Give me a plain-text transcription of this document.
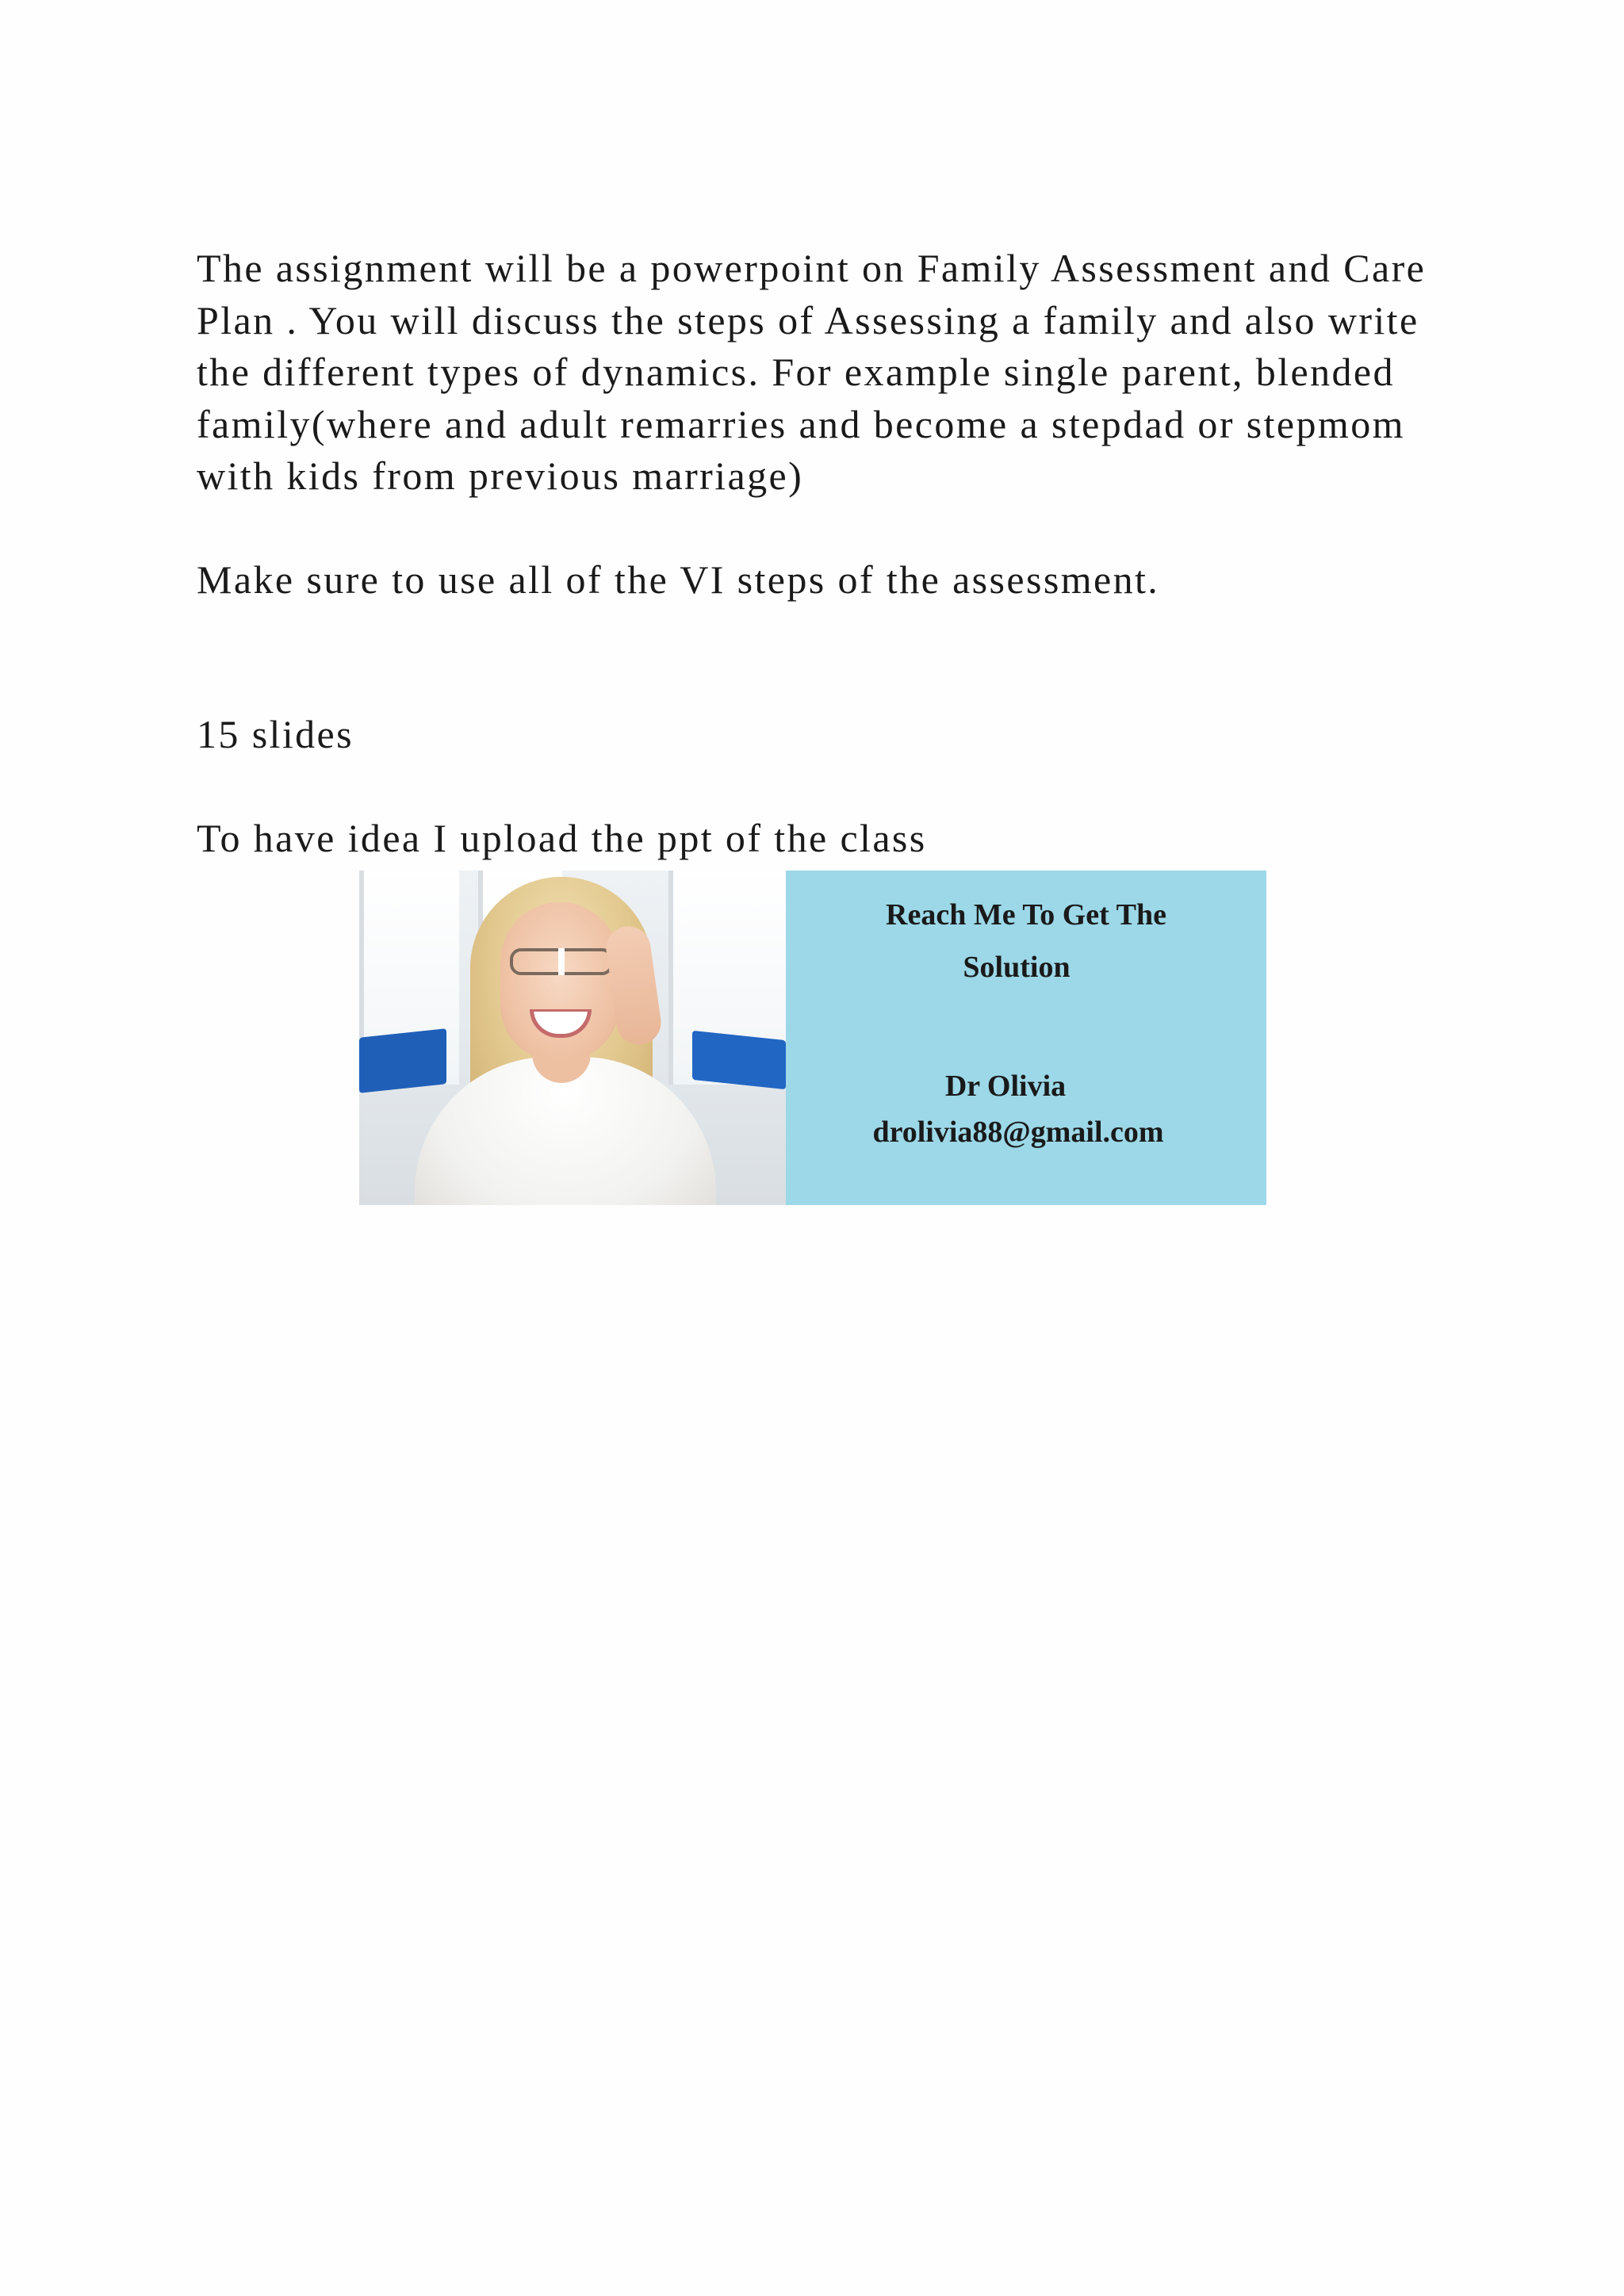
The assignment will be a powerpoint on Family Assessment and Care Plan . You will discuss the steps of Assessing a family and also write the different types of dynamics. For example single parent, blended family(where and adult remarries and become a stepdad or stepmom with kids from previous marriage)

Make sure to use all of the VI steps of the assessment.

15 slides

To have idea I upload the ppt of the class

Reach Me To Get The
Solution
Dr Olivia
drolivia88@gmail.com
